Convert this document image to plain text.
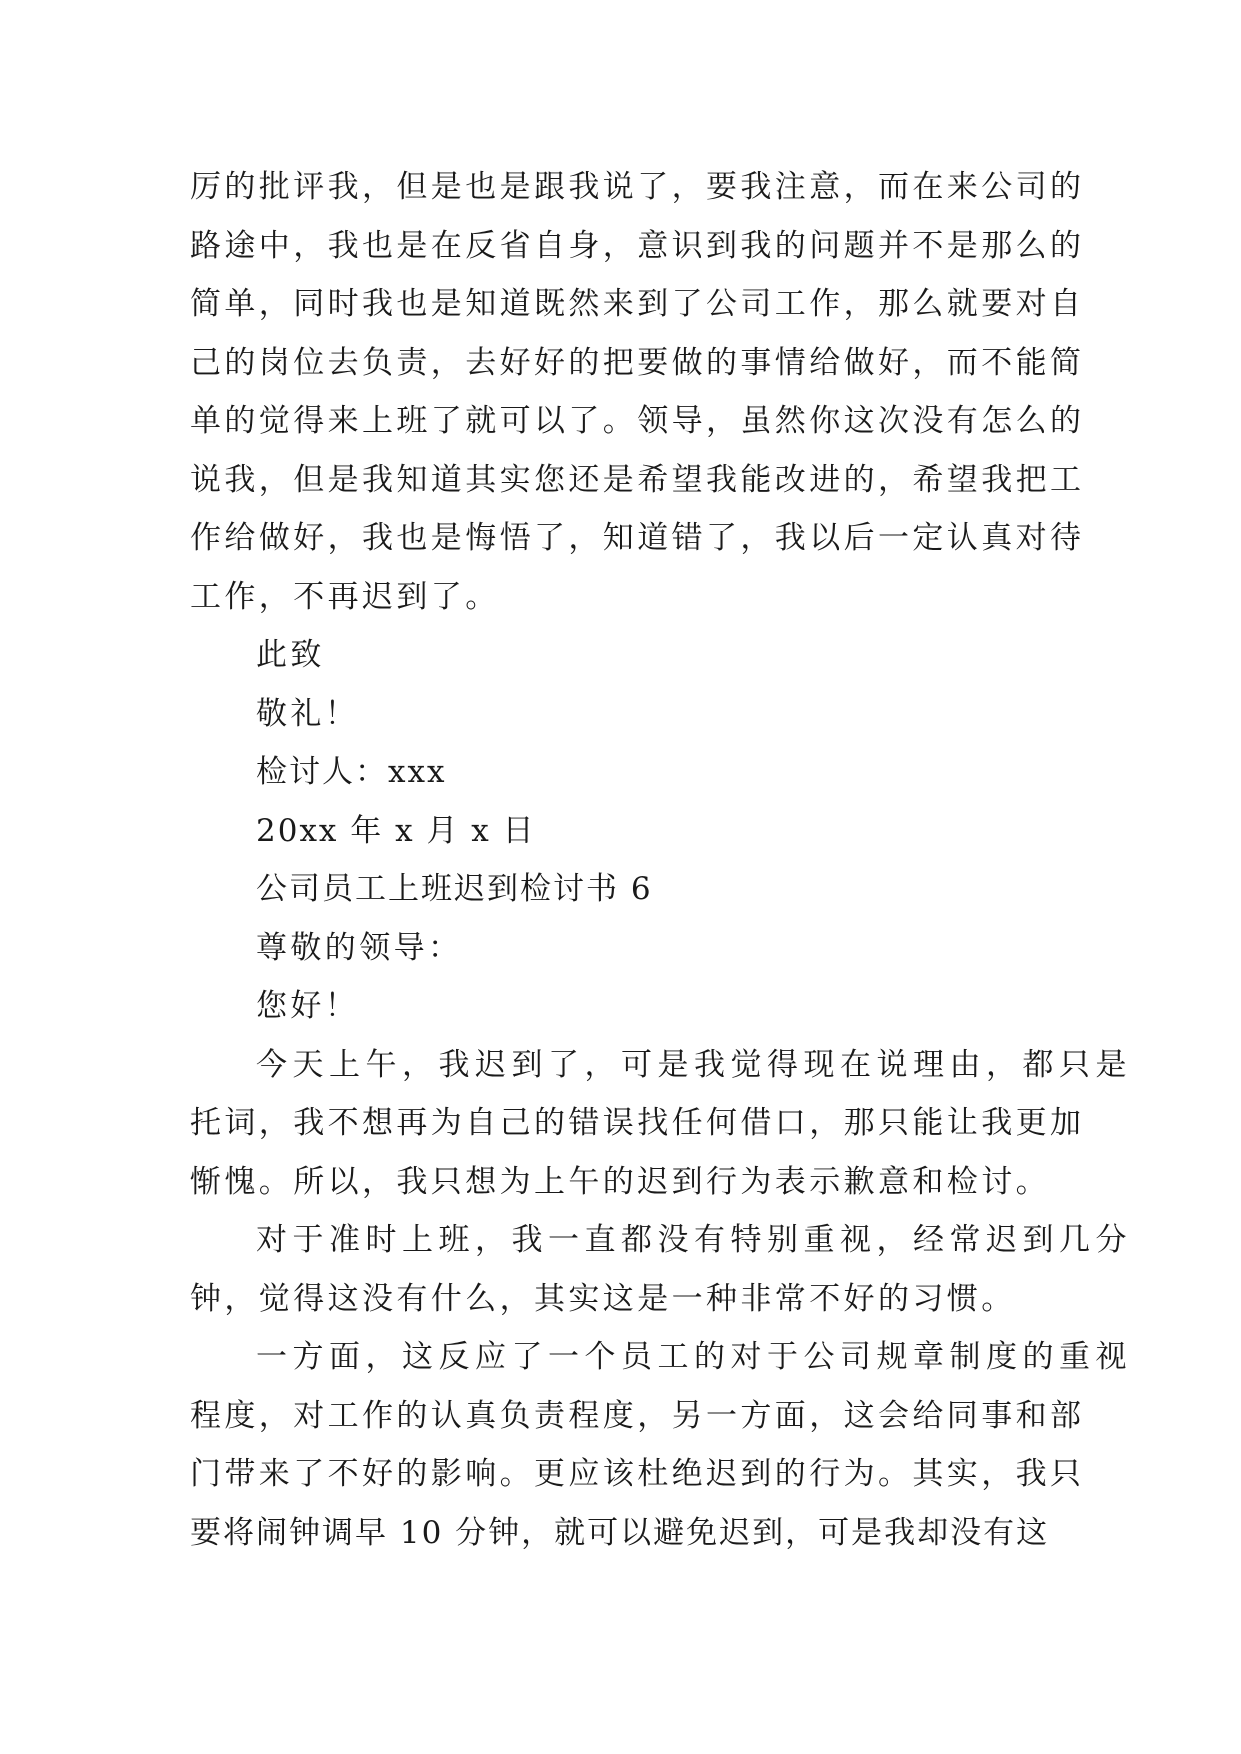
厉的批评我，但是也是跟我说了，要我注意，而在来公司的
路途中，我也是在反省自身，意识到我的问题并不是那么的
简单，同时我也是知道既然来到了公司工作，那么就要对自
己的岗位去负责，去好好的把要做的事情给做好，而不能简
单的觉得来上班了就可以了。领导，虽然你这次没有怎么的
说我，但是我知道其实您还是希望我能改进的，希望我把工
作给做好，我也是悔悟了，知道错了，我以后一定认真对待
工作，不再迟到了。
此致
敬礼！
检讨人：xxx
20xx 年 x 月 x 日
公司员工上班迟到检讨书 6
尊敬的领导：
您好！
今天上午，我迟到了，可是我觉得现在说理由，都只是
托词，我不想再为自己的错误找任何借口，那只能让我更加
惭愧。所以，我只想为上午的迟到行为表示歉意和检讨。
对于准时上班，我一直都没有特别重视，经常迟到几分
钟，觉得这没有什么，其实这是一种非常不好的习惯。
一方面，这反应了一个员工的对于公司规章制度的重视
程度，对工作的认真负责程度，另一方面，这会给同事和部
门带来了不好的影响。更应该杜绝迟到的行为。其实，我只
要将闹钟调早 10 分钟，就可以避免迟到，可是我却没有这
